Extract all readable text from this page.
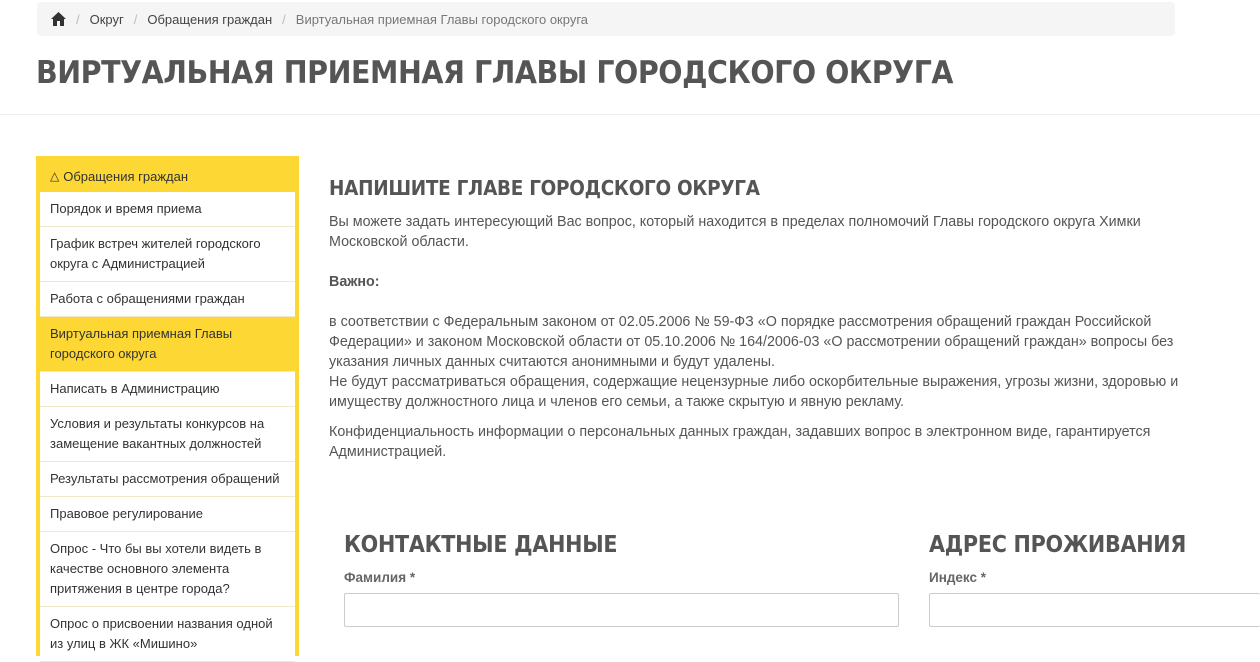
/ Округ / Обращения граждан / Виртуальная приемная Главы городского округа
ВИРТУАЛЬНАЯ ПРИЕМНАЯ ГЛАВЫ ГОРОДСКОГО ОКРУГА
△ Обращения граждан
Порядок и время приема
График встреч жителей городского округа с Администрацией
Работа с обращениями граждан
Виртуальная приемная Главы городского округа
Написать в Администрацию
Условия и результаты конкурсов на замещение вакантных должностей
Результаты рассмотрения обращений
Правовое регулирование
Опрос - Что бы вы хотели видеть в качестве основного элемента притяжения в центре города?
Опрос о присвоении названия одной из улиц в ЖК «Мишино»
НАПИШИТЕ ГЛАВЕ ГОРОДСКОГО ОКРУГА

Вы можете задать интересующий Вас вопрос, который находится в пределах полномочий Главы городского округа Химки Московской области.

Важно:

в соответствии с Федеральным законом от 02.05.2006 № 59-ФЗ «О порядке рассмотрения обращений граждан Российской Федерации» и законом Московской области от 05.10.2006 № 164/2006-03 «О рассмотрении обращений граждан» вопросы без указания личных данных считаются анонимными и будут удалены.

Не будут рассматриваться обращения, содержащие нецензурные либо оскорбительные выражения, угрозы жизни, здоровью и имуществу должностного лица и членов его семьи, а также скрытую и явную рекламу.

Конфиденциальность информации о персональных данных граждан, задавших вопрос в электронном виде, гарантируется Администрацией.

КОНТАКТНЫЕ ДАННЫЕ	АДРЕС ПРОЖИВАНИЯ
Фамилия *	Индекс *
